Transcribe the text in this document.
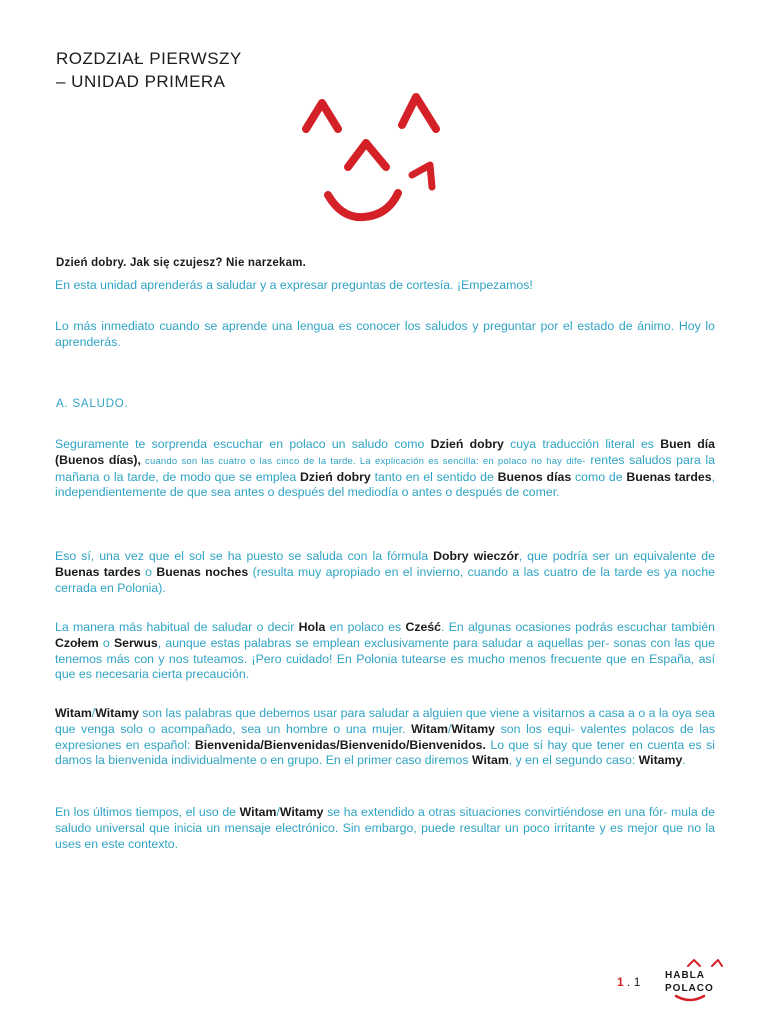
ROZDZIAŁ PIERWSZY
– UNIDAD PRIMERA
Dzień dobry. Jak się czujesz? Nie narzekam.
En esta unidad aprenderás a saludar y a expresar preguntas de cortesía. ¡Empezamos!
Lo más inmediato cuando se aprende una lengua es conocer los saludos y preguntar por el estado de ánimo. Hoy lo aprenderás.
A. SALUDO.
Seguramente te sorprenda escuchar en polaco un saludo como Dzień dobry cuya traducción literal es Buen día (Buenos días), cuando son las cuatro o las cinco de la tarde. La explicación es sencilla: en polaco no hay dife- rentes saludos para la mañana o la tarde, de modo que se emplea Dzień dobry tanto en el sentido de Buenos días como de Buenas tardes, independientemente de que sea antes o después del mediodía o antes o después de comer.
Eso sí, una vez que el sol se ha puesto se saluda con la fórmula Dobry wieczór, que podría ser un equivalente de Buenas tardes o Buenas noches (resulta muy apropiado en el invierno, cuando a las cuatro de la tarde es ya noche cerrada en Polonia).
La manera más habitual de saludar o decir Hola en polaco es Cześć. En algunas ocasiones podrás escuchar también Czołem o Serwus, aunque estas palabras se emplean exclusivamente para saludar a aquellas per- sonas con las que tenemos más con y nos tuteamos. ¡Pero cuidado! En Polonia tutearse es mucho menos frecuente que en España, así que es necesaria cierta precaución.
Witam/Witamy son las palabras que debemos usar para saludar a alguien que viene a visitarnos a casa a o a la oya sea que venga solo o acompañado, sea un hombre o una mujer. Witam/Witamy son los equi- valentes polacos de las expresiones en español: Bienvenida/Bienvenidas/Bienvenido/Bienvenidos. Lo que sí hay que tener en cuenta es si damos la bienvenida individualmente o en grupo. En el primer caso diremos Witam, y en el segundo caso: Witamy.
En los últimos tiempos, el uso de Witam/Witamy se ha extendido a otras situaciones convirtiéndose en una fór- mula de saludo universal que inicia un mensaje electrónico. Sin embargo, puede resultar un poco irritante y es mejor que no la uses en este contexto.
1 . 1 HABLA
POLACO
